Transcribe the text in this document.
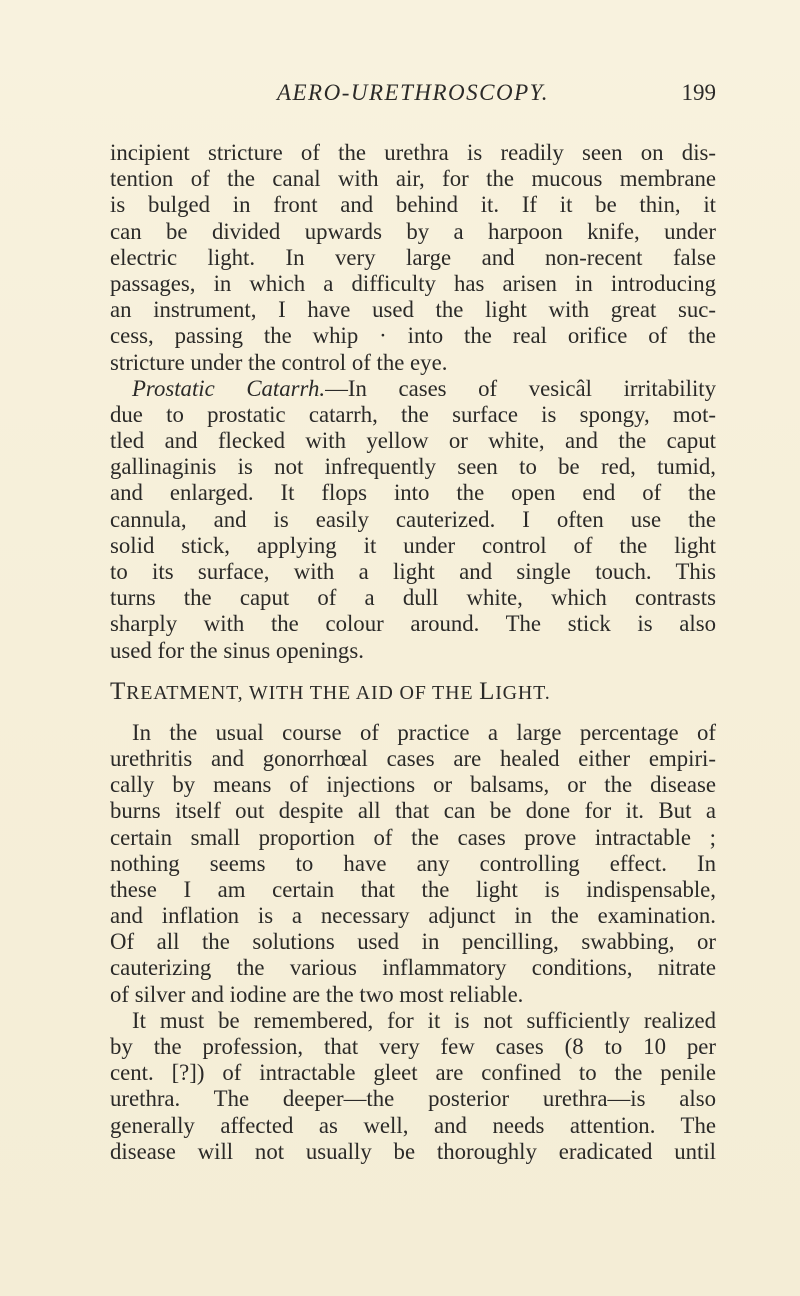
AERO-URETHROSCOPY.	199
incipient stricture of the urethra is readily seen on dis-
tention of the canal with air, for the mucous membrane
is bulged in front and behind it. If it be thin, it
can be divided upwards by a harpoon knife, under
electric light. In very large and non-recent false
passages, in which a difficulty has arisen in introducing
an instrument, I have used the light with great suc-
cess, passing the whip · into the real orifice of the
stricture under the control of the eye.
Prostatic Catarrh.—In cases of vesicâl irritability
due to prostatic catarrh, the surface is spongy, mot-
tled and flecked with yellow or white, and the caput
gallinaginis is not infrequently seen to be red, tumid,
and enlarged. It flops into the open end of the
cannula, and is easily cauterized. I often use the
solid stick, applying it under control of the light
to its surface, with a light and single touch. This
turns the caput of a dull white, which contrasts
sharply with the colour around. The stick is also
used for the sinus openings.
TREATMENT, WITH THE AID OF THE LIGHT.
In the usual course of practice a large percentage of
urethritis and gonorrhœal cases are healed either empiri-
cally by means of injections or balsams, or the disease
burns itself out despite all that can be done for it. But a
certain small proportion of the cases prove intractable ;
nothing seems to have any controlling effect. In
these I am certain that the light is indispensable,
and inflation is a necessary adjunct in the examination.
Of all the solutions used in pencilling, swabbing, or
cauterizing the various inflammatory conditions, nitrate
of silver and iodine are the two most reliable.
It must be remembered, for it is not sufficiently realized
by the profession, that very few cases (8 to 10 per
cent. [?]) of intractable gleet are confined to the penile
urethra. The deeper—the posterior urethra—is also
generally affected as well, and needs attention. The
disease will not usually be thoroughly eradicated until
